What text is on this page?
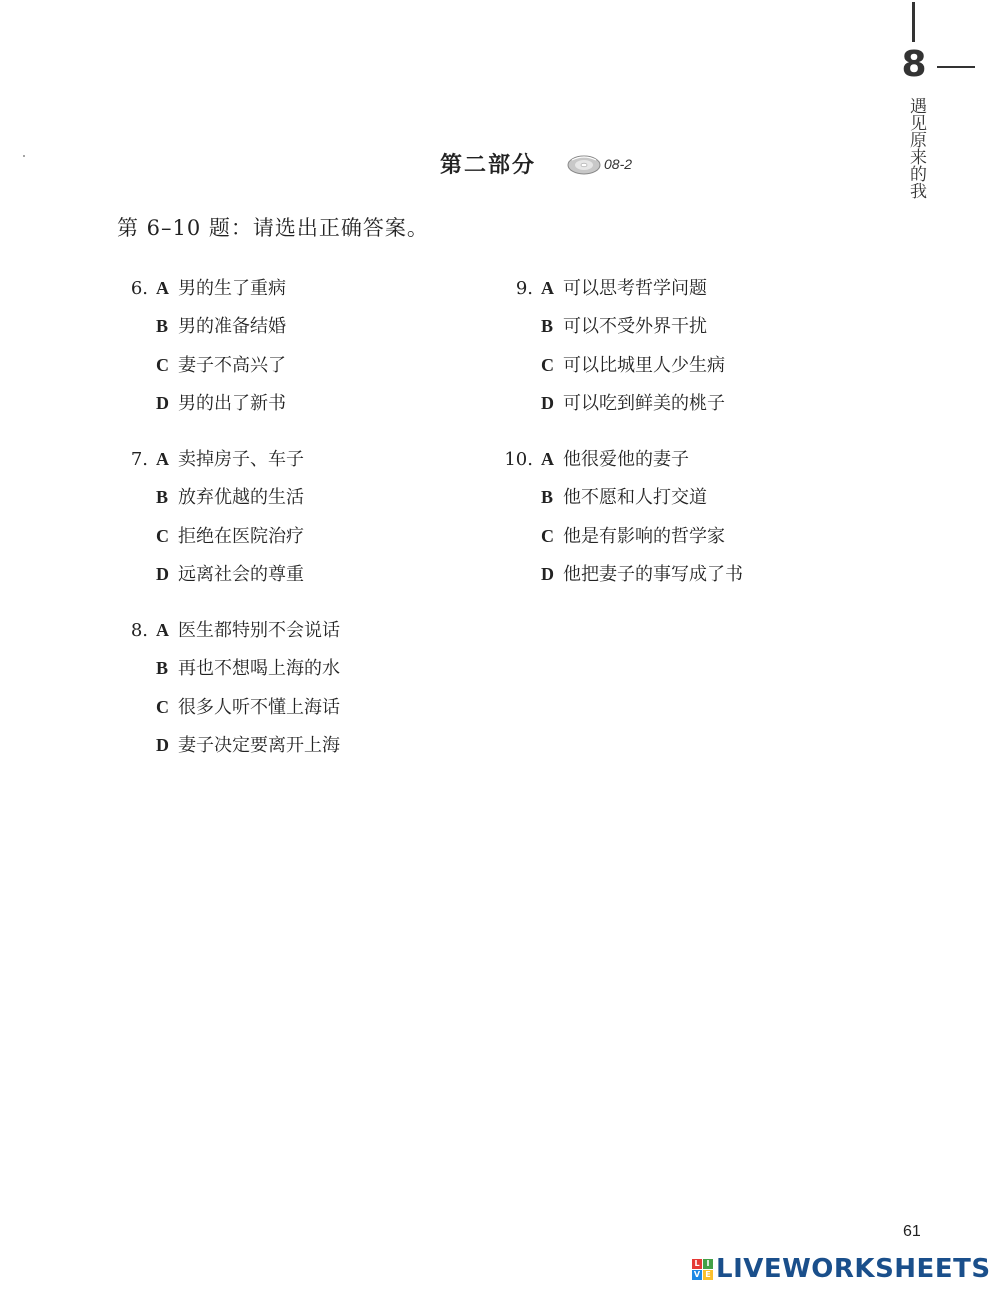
8
遇见原来的我
第二部分	08-2
第 6–10 题：请选出正确答案。
6. A 男的生了重病
B 男的准备结婚
C 妻子不高兴了
D 男的出了新书
7. A 卖掉房子、车子
B 放弃优越的生活
C 拒绝在医院治疗
D 远离社会的尊重
8. A 医生都特别不会说话
B 再也不想喝上海的水
C 很多人听不懂上海话
D 妻子决定要离开上海
9. A 可以思考哲学问题
B 可以不受外界干扰
C 可以比城里人少生病
D 可以吃到鲜美的桃子
10. A 他很爱他的妻子
B 他不愿和人打交道
C 他是有影响的哲学家
D 他把妻子的事写成了书
61
L I
V E LIVEWORKSHEETS
